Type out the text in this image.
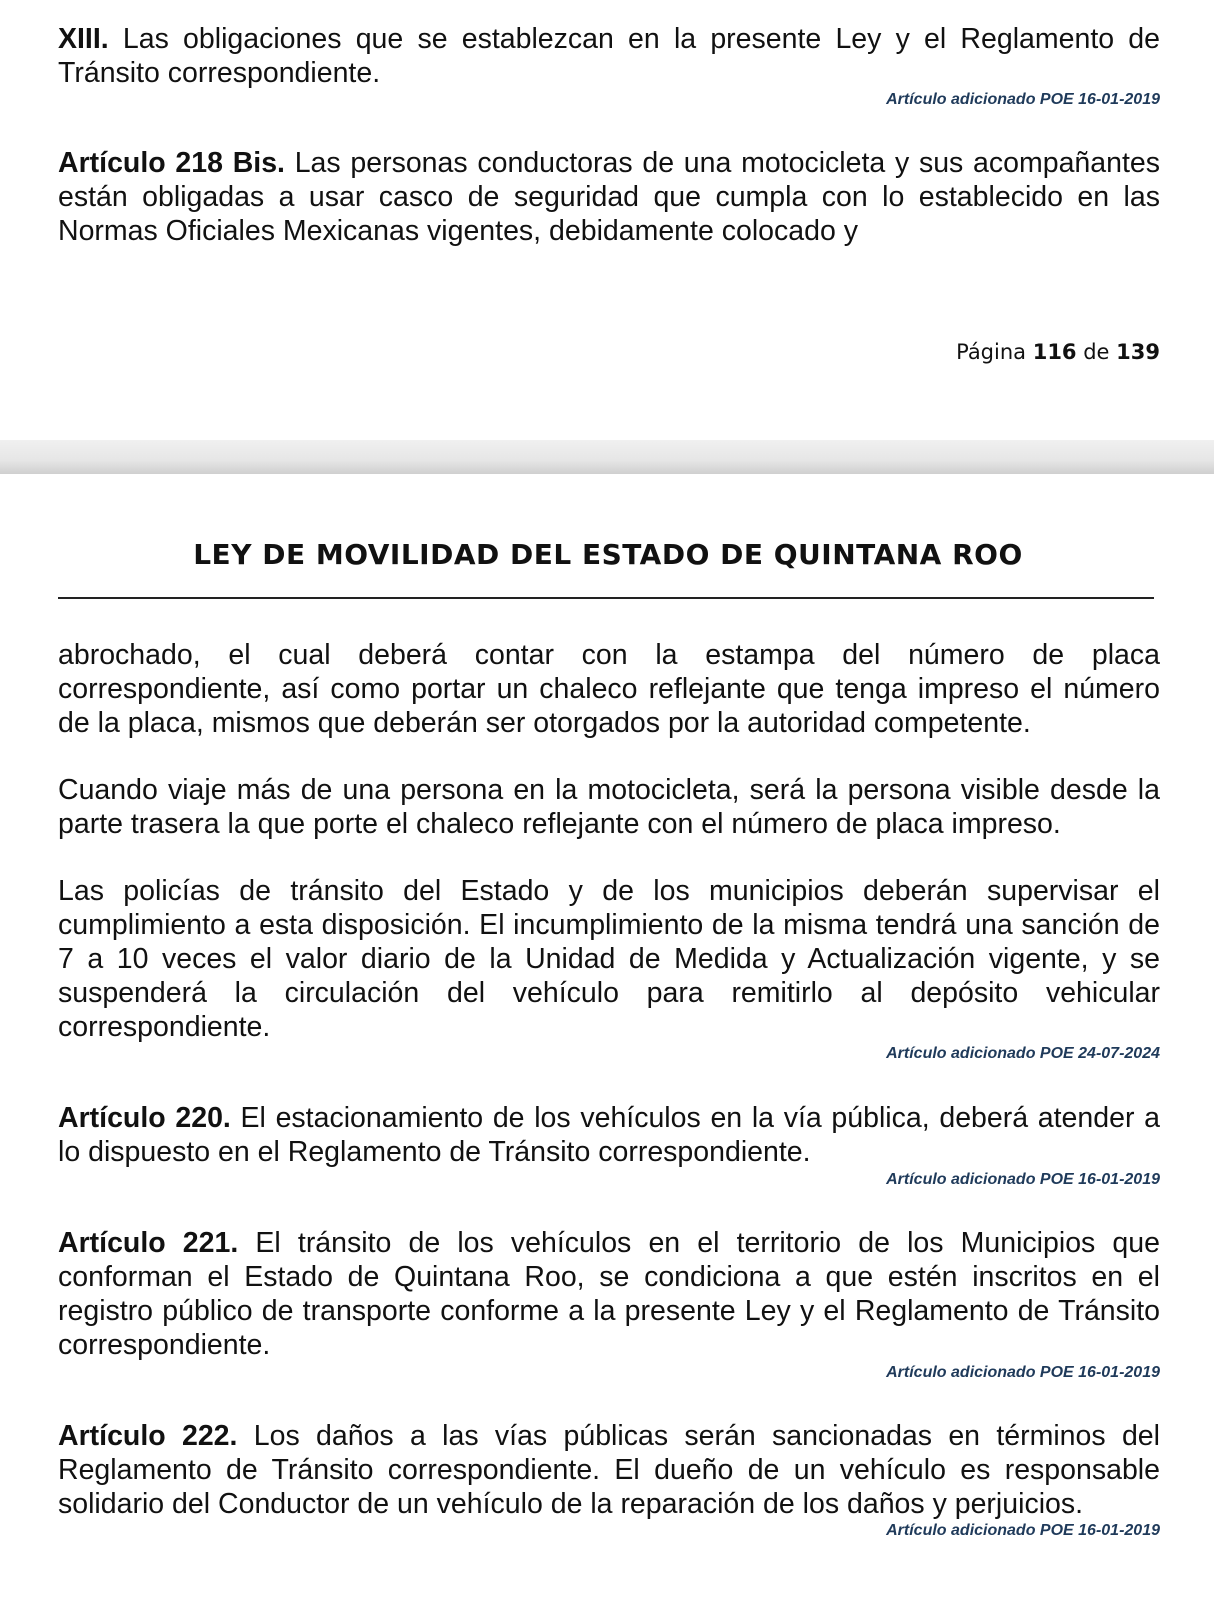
XIII. Las obligaciones que se establezcan en la presente Ley y el Reglamento de Tránsito correspondiente.

Artículo adicionado POE 16-01-2019

Artículo 218 Bis. Las personas conductoras de una motocicleta y sus acompañantes están obligadas a usar casco de seguridad que cumpla con lo establecido en las Normas Oficiales Mexicanas vigentes, debidamente colocado y

Página 116 de 139
LEY DE MOVILIDAD DEL ESTADO DE QUINTANA ROO

abrochado, el cual deberá contar con la estampa del número de placa correspondiente, así como portar un chaleco reflejante que tenga impreso el número de la placa, mismos que deberán ser otorgados por la autoridad competente.

Cuando viaje más de una persona en la motocicleta, será la persona visible desde la parte trasera la que porte el chaleco reflejante con el número de placa impreso.

Las policías de tránsito del Estado y de los municipios deberán supervisar el cumplimiento a esta disposición. El incumplimiento de la misma tendrá una sanción de 7 a 10 veces el valor diario de la Unidad de Medida y Actualización vigente, y se suspenderá la circulación del vehículo para remitirlo al depósito vehicular correspondiente.

Artículo adicionado POE 24-07-2024

Artículo 220. El estacionamiento de los vehículos en la vía pública, deberá atender a lo dispuesto en el Reglamento de Tránsito correspondiente.

Artículo adicionado POE 16-01-2019

Artículo 221. El tránsito de los vehículos en el territorio de los Municipios que conforman el Estado de Quintana Roo, se condiciona a que estén inscritos en el registro público de transporte conforme a la presente Ley y el Reglamento de Tránsito correspondiente.

Artículo adicionado POE 16-01-2019

Artículo 222. Los daños a las vías públicas serán sancionadas en términos del Reglamento de Tránsito correspondiente. El dueño de un vehículo es responsable solidario del Conductor de un vehículo de la reparación de los daños y perjuicios.

Artículo adicionado POE 16-01-2019
